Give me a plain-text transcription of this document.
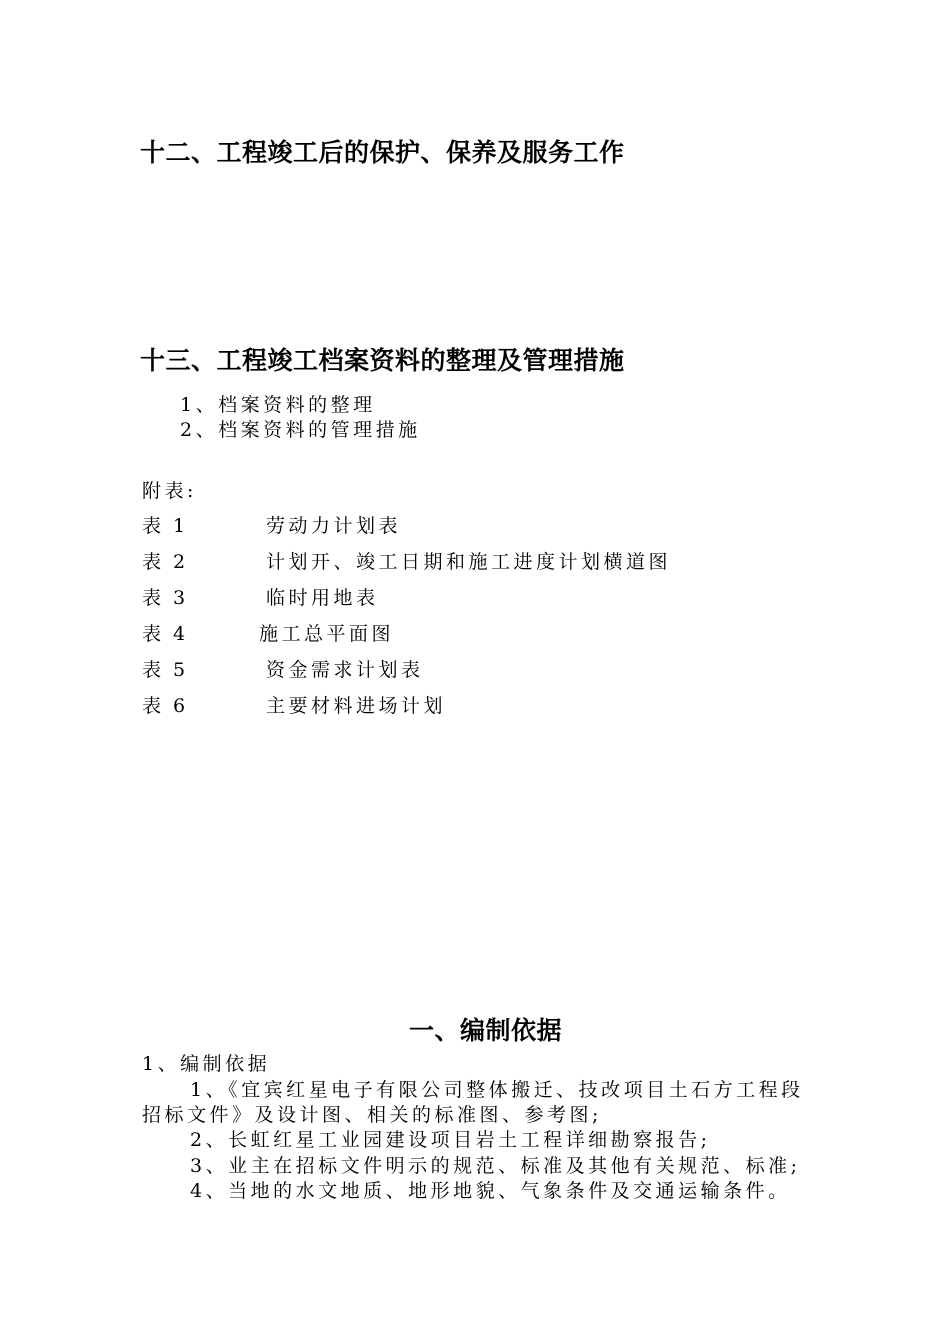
十二、工程竣工后的保护、保养及服务工作
十三、工程竣工档案资料的整理及管理措施
1、档案资料的整理
2、档案资料的管理措施
附表:
表 1	劳动力计划表
表 2	计划开、竣工日期和施工进度计划横道图
表 3	临时用地表
表 4	施工总平面图
表 5	资金需求计划表
表 6	主要材料进场计划
一、编制依据
1、编制依据
1、《宜宾红星电子有限公司整体搬迁、技改项目土石方工程段
招标文件》及设计图、相关的标准图、参考图;
2、长虹红星工业园建设项目岩土工程详细勘察报告;
3、业主在招标文件明示的规范、标准及其他有关规范、标准;
4、当地的水文地质、地形地貌、气象条件及交通运输条件。
